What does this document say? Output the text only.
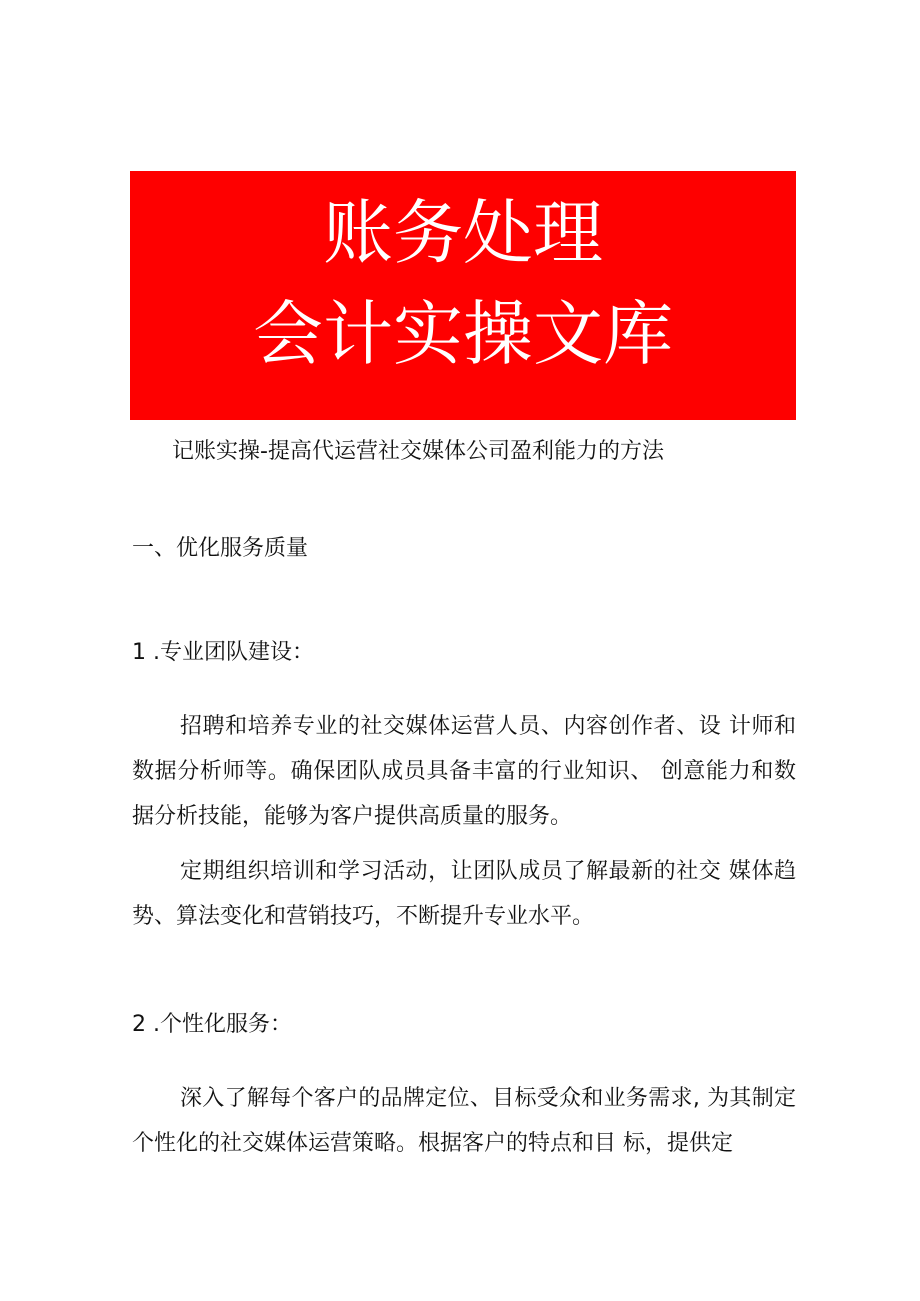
账务处理
会计实操文库
记账实操-提高代运营社交媒体公司盈利能力的方法
一、优化服务质量
1 .专业团队建设：
招聘和培养专业的社交媒体运营人员、内容创作者、设 计师和数据分析师等。确保团队成员具备丰富的行业知识、 创意能力和数据分析技能，能够为客户提供高质量的服务。
定期组织培训和学习活动，让团队成员了解最新的社交 媒体趋势、算法变化和营销技巧，不断提升专业水平。
2 .个性化服务：
深入了解每个客户的品牌定位、目标受众和业务需求, 为其制定个性化的社交媒体运营策略。根据客户的特点和目 标，提供定
